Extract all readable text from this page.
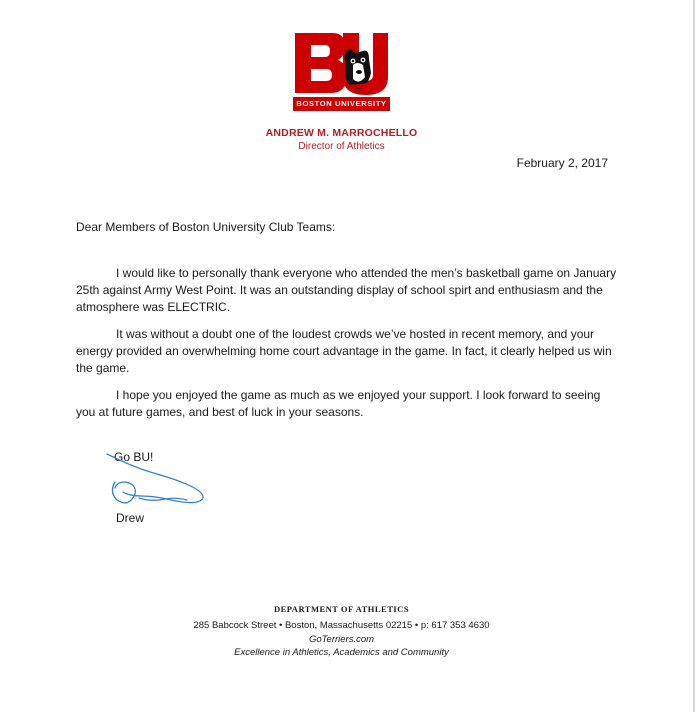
BOSTON UNIVERSITY
ANDREW M. MARROCHELLO
Director of Athletics
February 2, 2017
Dear Members of Boston University Club Teams:

I would like to personally thank everyone who attended the men’s basketball game on January 25th against Army West Point. It was an outstanding display of school spirt and enthusiasm and the atmosphere was ELECTRIC.

It was without a doubt one of the loudest crowds we’ve hosted in recent memory, and your energy provided an overwhelming home court advantage in the game. In fact, it clearly helped us win the game.

I hope you enjoyed the game as much as we enjoyed your support. I look forward to seeing you at future games, and best of luck in your seasons.

Go BU!
Drew
DEPARTMENT OF ATHLETICS
285 Babcock Street • Boston, Massachusetts 02215 • p: 617 353 4630
GoTerriers.com
Excellence in Athletics, Academics and Community
